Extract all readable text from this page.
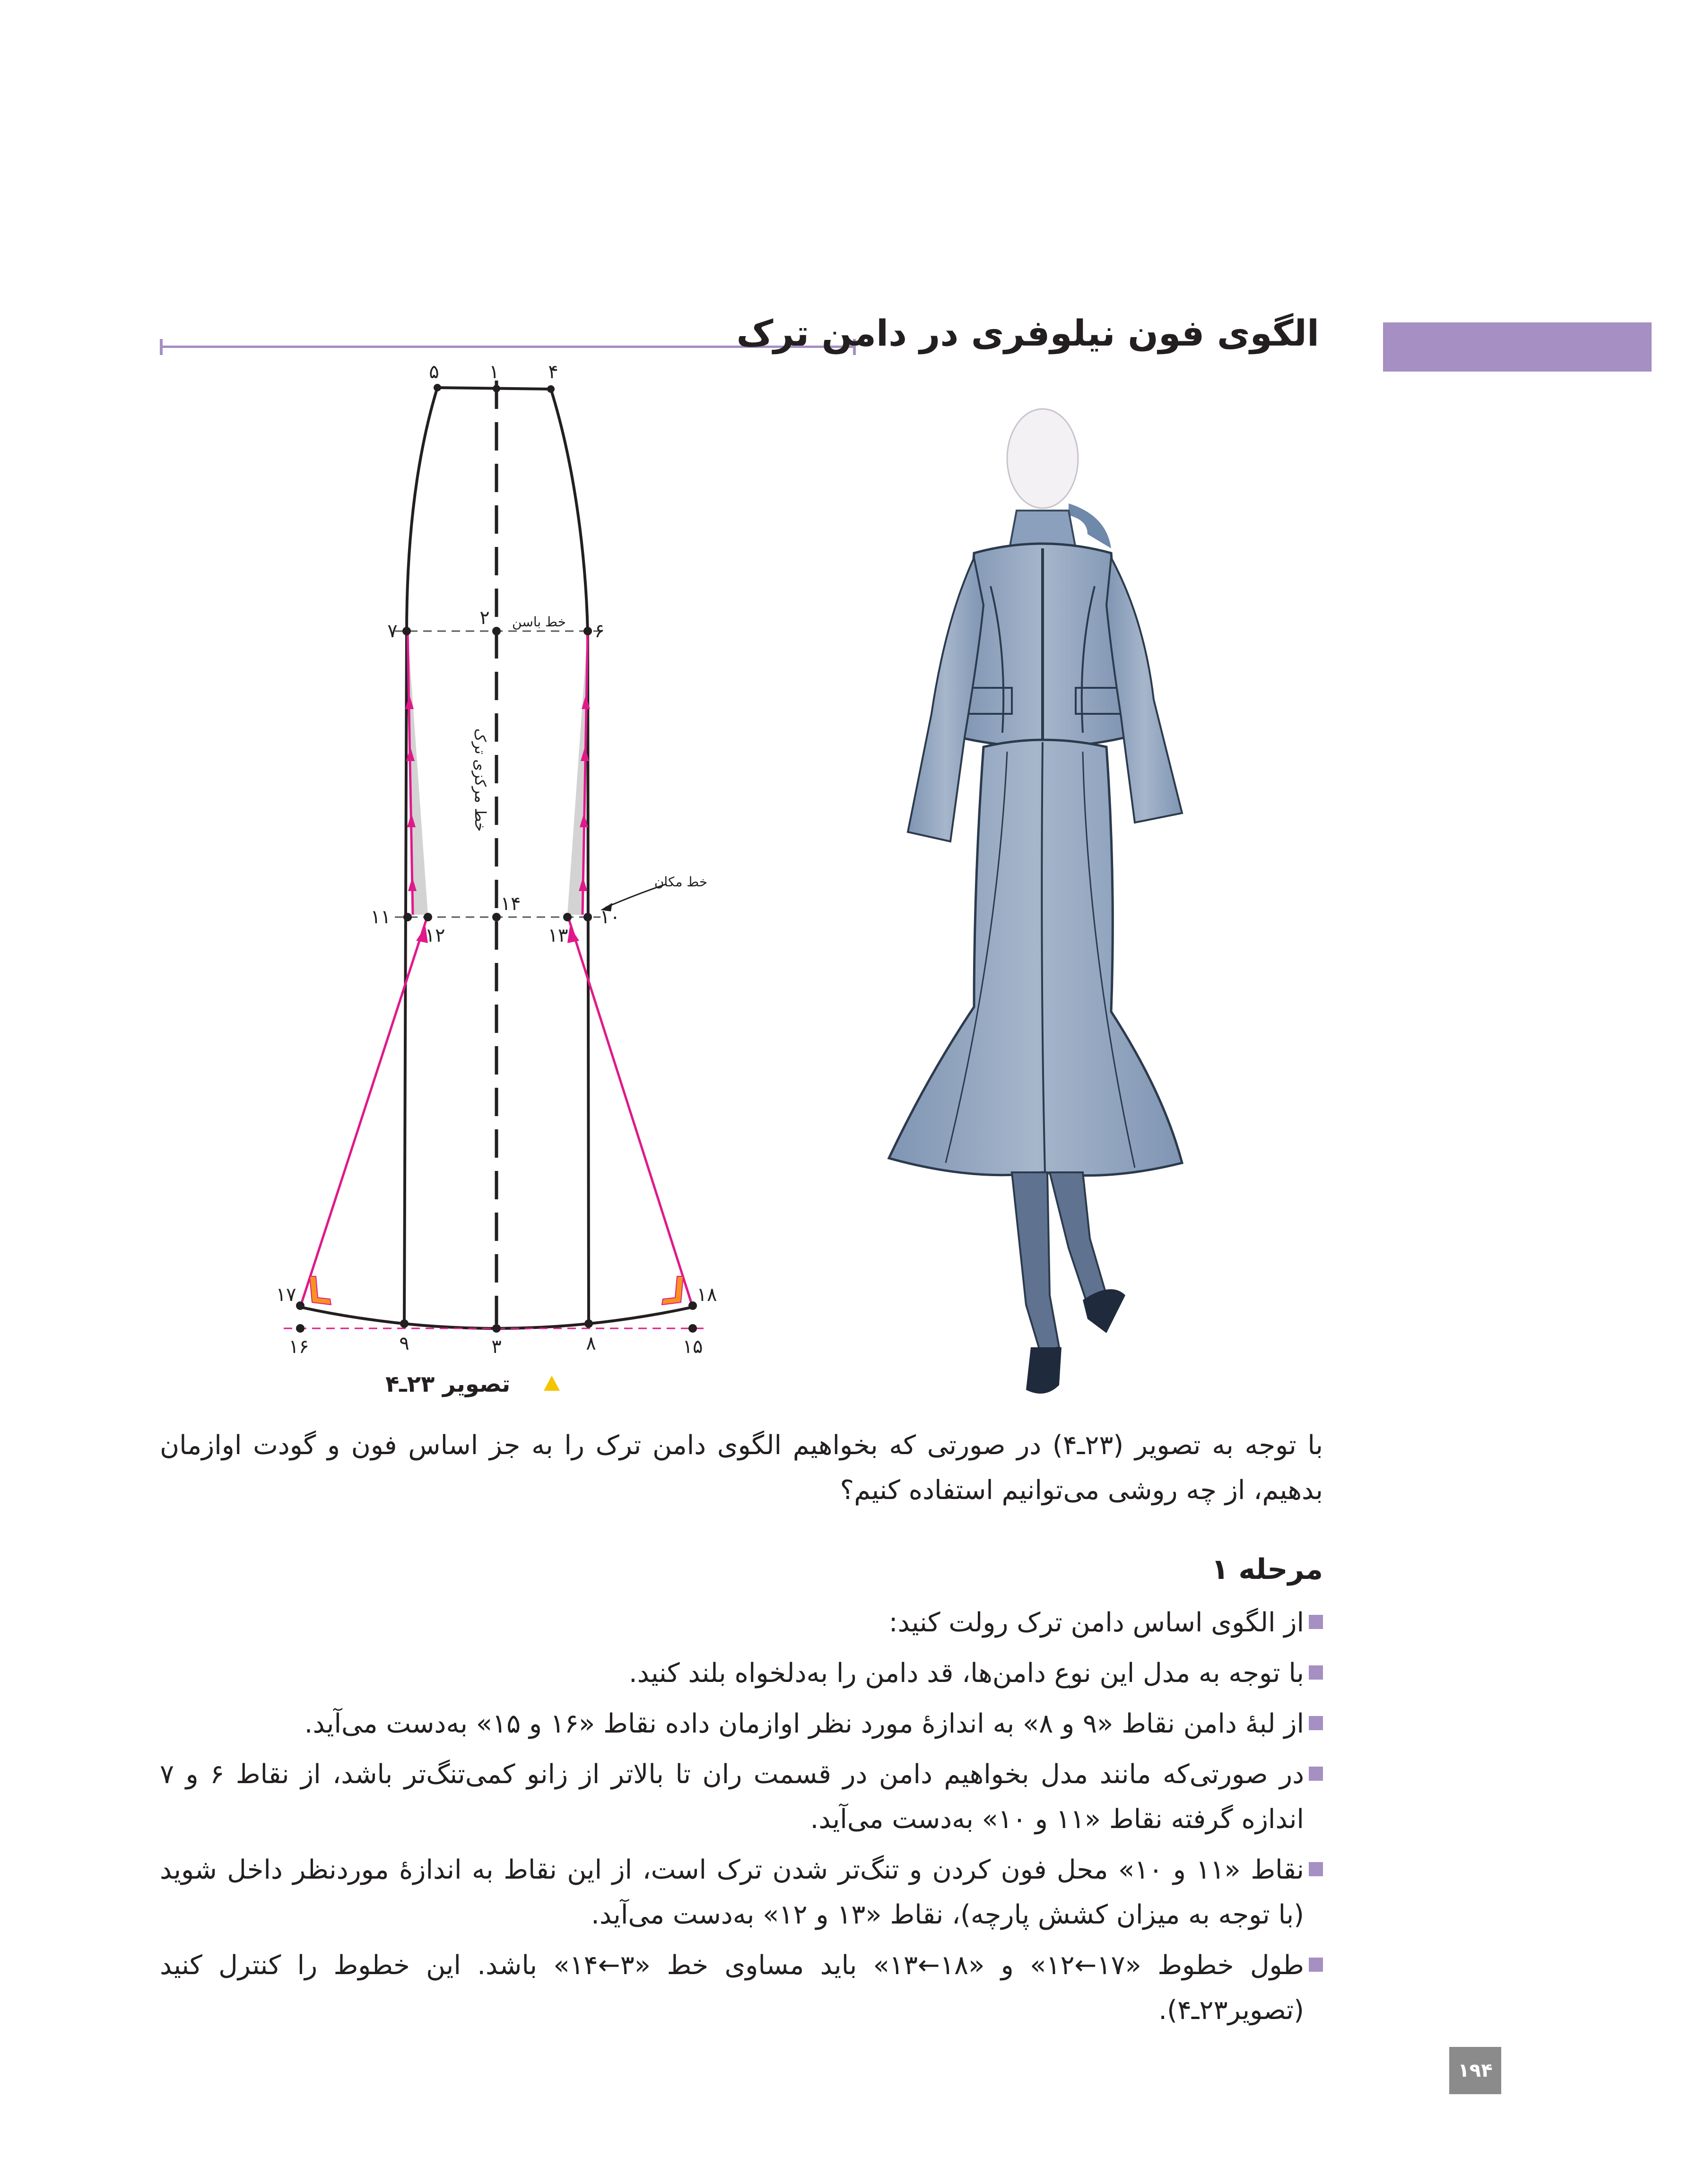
الگوی فون نیلوفری در دامن ترک
۵	۱	۴
۷
۲
۶
۱۱
۱۲
۱۴
۱۳
۱۰
۱۷	۱۸
۱۶	۹	۳	۸	۱۵
خط باسن
خط مکان
خط مرکزی ترک
تصویر ۲۳ـ۴
با توجه به تصویر (۲۳ـ۴) در صورتی که بخواهیم الگوی دامن ترک را به جز اساس فون و گودت اوازمان بدهیم، از چه روشی می‌توانیم استفاده کنیم؟
مرحله ۱
از الگوی اساس دامن ترک رولت کنید:
با توجه به مدل این نوع دامن‌ها، قد دامن را به‌دلخواه بلند کنید.
از لبهٔ دامن نقاط «۹ و ۸» به اندازهٔ مورد نظر اوازمان داده نقاط «۱۶ و ۱۵» به‌دست می‌آید.
در صورتی‌که مانند مدل بخواهیم دامن در قسمت ران تا بالاتر از زانو کمی‌تنگ‌تر باشد، از نقاط ۶ و ۷ اندازه گرفته نقاط «۱۱ و ۱۰» به‌دست می‌آید.
نقاط «۱۱ و ۱۰» محل فون کردن و تنگ‌تر شدن ترک است، از این نقاط به اندازهٔ موردنظر داخل شوید (با توجه به میزان کشش پارچه)، نقاط «۱۳ و ۱۲» به‌دست می‌آید.
طول خطوط «۱۷←۱۲» و «۱۸←۱۳» باید مساوی خط «۳←۱۴» باشد. این خطوط را کنترل کنید (تصویر۲۳ـ۴).
۱۹۴
